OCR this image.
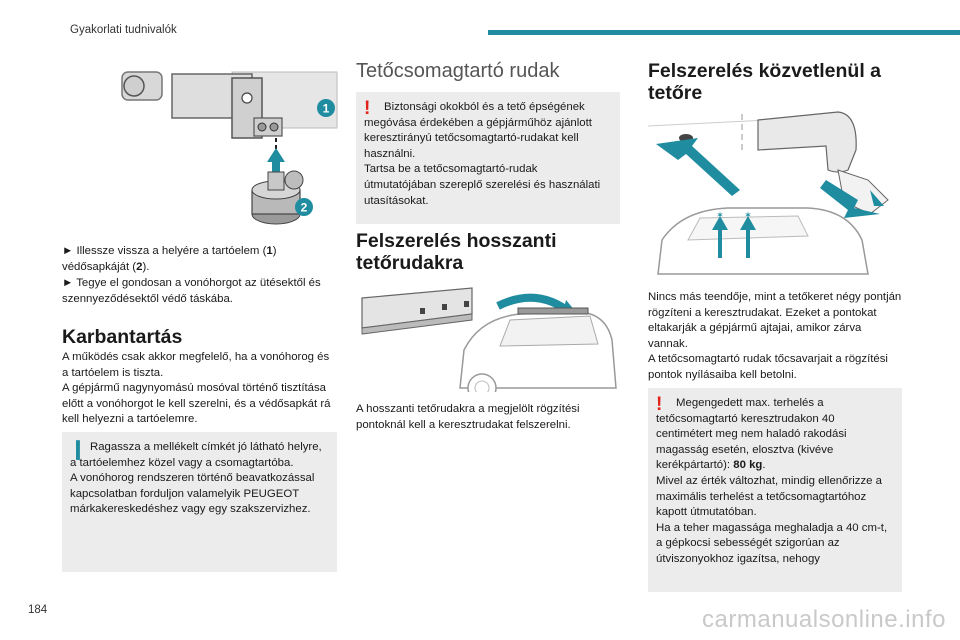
Gyakorlati tudnivalók
1
2

► Illessze vissza a helyére a tartóelem (1) védősapkáját (2).

► Tegye el gondosan a vonóhorgot az ütésektől és szennyeződésektől védő táskába.

Karbantartás

A működés csak akkor megfelelő, ha a vonóhorog és a tartóelem is tiszta.
A gépjármű nagynyomású mosóval történő tisztítása előtt a vonóhorgot le kell szerelni, és a védősapkát rá kell helyezni a tartóelemre.

❙ Ragassza a mellékelt címkét jó látható helyre, a tartóelemhez közel vagy a csomagtartóba.
A vonóhorog rendszeren történő beavatkozással kapcsolatban forduljon valamelyik PEUGEOT márkakereskedéshez vagy egy szakszervizhez.

Tetőcsomagtartó rudak
!	Biztonsági okokból és a tető épségének megóvása érdekében a gépjárműhöz ajánlott keresztirányú tetőcsomagtartó-rudakat kell használni.
Tartsa be a tetőcsomagtartó-rudak útmutatójában szereplő szerelési és használati utasításokat.

Felszerelés hosszanti tetőrudakra

A hosszanti tetőrudakra a megjelölt rögzítési pontoknál kell a keresztrudakat felszerelni.

Felszerelés közvetlenül a tetőre
✶ ✶

Nincs más teendője, mint a tetőkeret négy pontján rögzíteni a keresztrudakat. Ezeket a pontokat eltakarják a gépjármű ajtajai, amikor zárva vannak.
A tetőcsomagtartó rudak tőcsavarjait a rögzítési pontok nyílásaiba kell betolni.

!	Megengedett max. terhelés a tetőcsomagtartó keresztrudakon 40 centimétert meg nem haladó rakodási magasság esetén, elosztva (kivéve kerékpártartó): 80 kg.
Mivel az érték változhat, mindig ellenőrizze a maximális terhelést a tetőcsomagtartóhoz kapott útmutatóban.
Ha a teher magassága meghaladja a 40 cm-t, a gépkocsi sebességét szigorúan az útviszonyokhoz igazítsa, nehogy

184	carmanualsonline.info
